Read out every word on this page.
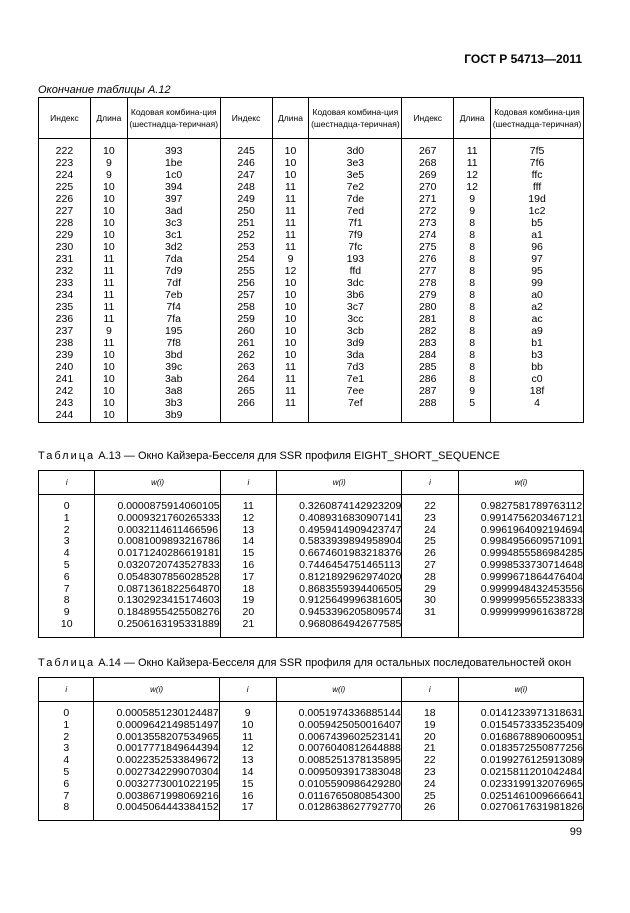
ГОСТ Р 54713—2011
Окончание таблицы А.12
Индекс	Длина	Кодовая комбина-ция (шестнадца-теричная)	Индекс	Длина	Кодовая комбина-ция (шестнадца-теричная)	Индекс	Длина	Кодовая комбина-ция (шестнадца-теричная)
222	10	393	245	10	3d0	267	11	7f5
223	9	1be	246	10	3e3	268	11	7f6
224	9	1c0	247	10	3e5	269	12	ffc
225	10	394	248	11	7e2	270	12	fff
226	10	397	249	11	7de	271	9	19d
227	10	3ad	250	11	7ed	272	9	1c2
228	10	3c3	251	11	7f1	273	8	b5
229	10	3c1	252	11	7f9	274	8	a1
230	10	3d2	253	11	7fc	275	8	96
231	11	7da	254	9	193	276	8	97
232	11	7d9	255	12	ffd	277	8	95
233	11	7df	256	10	3dc	278	8	99
234	11	7eb	257	10	3b6	279	8	a0
235	11	7f4	258	10	3c7	280	8	a2
236	11	7fa	259	10	3cc	281	8	ac
237	9	195	260	10	3cb	282	8	a9
238	11	7f8	261	10	3d9	283	8	b1
239	10	3bd	262	10	3da	284	8	b3
240	10	39c	263	11	7d3	285	8	bb
241	10	3ab	264	11	7e1	286	8	c0
242	10	3a8	265	11	7ee	287	9	18f
243	10	3b3	266	11	7ef	288	5	4
244	10	3b9						
Таблица А.13 — Окно Кайзера-Бесселя для SSR профиля EIGHT_SHORT_SEQUENCE
i	w(i)	i	w(i)	i	w(i)
0	0.0000875914060105	11	0.3260874142923209	22	0.9827581789763112
1	0.0009321760265333	12	0.4089316830907141	23	0.9914756203467121
2	0.0032114611466596	13	0.4959414909423747	24	0.9961964092194694
3	0.0081009893216786	14	0.5833939894958904	25	0.9984956609571091
4	0.0171240286619181	15	0.6674601983218376	26	0.9994855586984285
5	0.0320720743527833	16	0.7446454751465113	27	0.9998533730714648
6	0.0548307856028528	17	0.8121892962974020	28	0.9999671864476404
7	0.0871361822564870	18	0.8683559394406505	29	0.9999948432453556
8	0.1302923415174603	19	0.9125649996381605	30	0.9999995655238333
9	0.1848955425508276	20	0.9453396205809574	31	0.9999999961638728
10	0.2506163195331889	21	0.9680864942677585		
Таблица А.14 — Окно Кайзера-Бесселя для SSR профиля для остальных последовательностей окон
i	w(i)	i	w(i)	i	w(i)
0	0.0005851230124487	9	0.0051974336885144	18	0.0141233971318631
1	0.0009642149851497	10	0.0059425050016407	19	0.0154573335235409
2	0.0013558207534965	11	0.0067439602523141	20	0.0168678890600951
3	0.0017771849644394	12	0.0076040812644888	21	0.0183572550877256
4	0.0022352533849672	13	0.0085251378135895	22	0.0199276125913089
5	0.0027342299070304	14	0.0095093917383048	23	0.0215811201042484
6	0.0032773001022195	15	0.0105590986429280	24	0.0233199132076965
7	0.0038671998069216	16	0.0116765080854300	25	0.0251461009666641
8	0.0045064443384152	17	0.0128638627792770	26	0.0270617631981826
99
